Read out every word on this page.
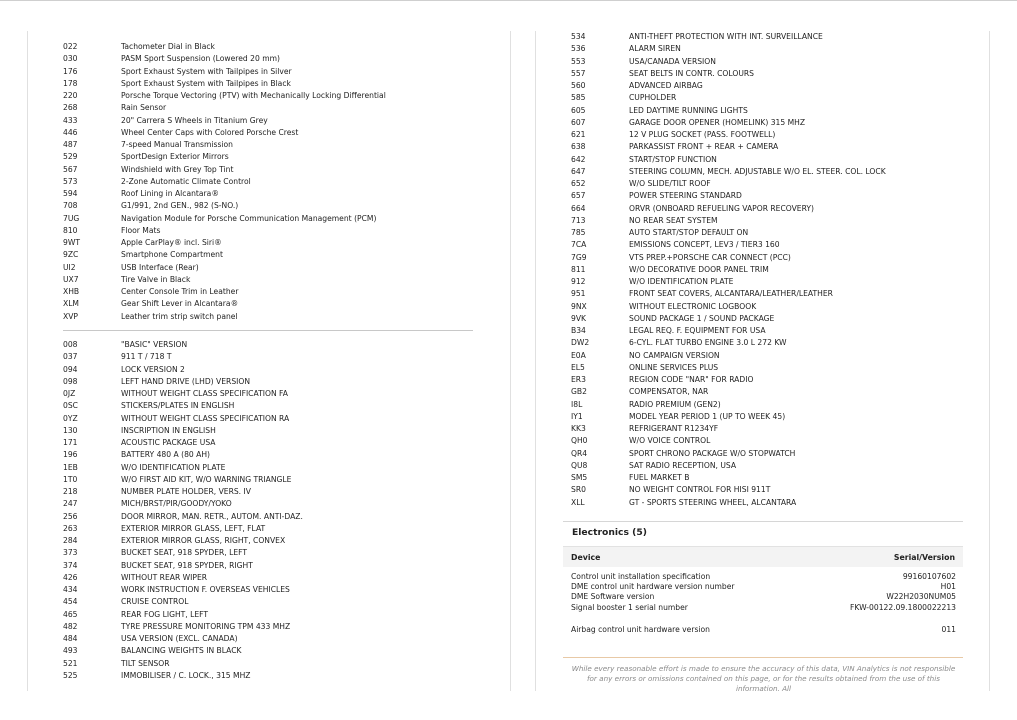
022	Tachometer Dial in Black
030	PASM Sport Suspension (Lowered 20 mm)
176	Sport Exhaust System with Tailpipes in Silver
178	Sport Exhaust System with Tailpipes in Black
220	Porsche Torque Vectoring (PTV) with Mechanically Locking Differential
268	Rain Sensor
433	20" Carrera S Wheels in Titanium Grey
446	Wheel Center Caps with Colored Porsche Crest
487	7-speed Manual Transmission
529	SportDesign Exterior Mirrors
567	Windshield with Grey Top Tint
573	2-Zone Automatic Climate Control
594	Roof Lining in Alcantara®
708	G1/991, 2nd GEN., 982 (S-NO.)
7UG	Navigation Module for Porsche Communication Management (PCM)
810	Floor Mats
9WT	Apple CarPlay® incl. Siri®
9ZC	Smartphone Compartment
UI2	USB Interface (Rear)
UX7	Tire Valve in Black
XHB	Center Console Trim in Leather
XLM	Gear Shift Lever in Alcantara®
XVP	Leather trim strip switch panel
008	"BASIC" VERSION
037	911 T / 718 T
094	LOCK VERSION 2
098	LEFT HAND DRIVE (LHD) VERSION
0JZ	WITHOUT WEIGHT CLASS SPECIFICATION FA
0SC	STICKERS/PLATES IN ENGLISH
0YZ	WITHOUT WEIGHT CLASS SPECIFICATION RA
130	INSCRIPTION IN ENGLISH
171	ACOUSTIC PACKAGE USA
196	BATTERY 480 A (80 AH)
1EB	W/O IDENTIFICATION PLATE
1T0	W/O FIRST AID KIT, W/O WARNING TRIANGLE
218	NUMBER PLATE HOLDER, VERS. IV
247	MICH/BRST/PIR/GOODY/YOKO
256	DOOR MIRROR, MAN. RETR., AUTOM. ANTI-DAZ.
263	EXTERIOR MIRROR GLASS, LEFT, FLAT
284	EXTERIOR MIRROR GLASS, RIGHT, CONVEX
373	BUCKET SEAT, 918 SPYDER, LEFT
374	BUCKET SEAT, 918 SPYDER, RIGHT
426	WITHOUT REAR WIPER
434	WORK INSTRUCTION F. OVERSEAS VEHICLES
454	CRUISE CONTROL
465	REAR FOG LIGHT, LEFT
482	TYRE PRESSURE MONITORING TPM 433 MHZ
484	USA VERSION (EXCL. CANADA)
493	BALANCING WEIGHTS IN BLACK
521	TILT SENSOR
525	IMMOBILISER / C. LOCK., 315 MHZ
534	ANTI-THEFT PROTECTION WITH INT. SURVEILLANCE
536	ALARM SIREN
553	USA/CANADA VERSION
557	SEAT BELTS IN CONTR. COLOURS
560	ADVANCED AIRBAG
585	CUPHOLDER
605	LED DAYTIME RUNNING LIGHTS
607	GARAGE DOOR OPENER (HOMELINK) 315 MHZ
621	12 V PLUG SOCKET (PASS. FOOTWELL)
638	PARKASSIST FRONT + REAR + CAMERA
642	START/STOP FUNCTION
647	STEERING COLUMN, MECH. ADJUSTABLE W/O EL. STEER. COL. LOCK
652	W/O SLIDE/TILT ROOF
657	POWER STEERING STANDARD
664	ORVR (ONBOARD REFUELING VAPOR RECOVERY)
713	NO REAR SEAT SYSTEM
785	AUTO START/STOP DEFAULT ON
7CA	EMISSIONS CONCEPT, LEV3 / TIER3 160
7G9	VTS PREP.+PORSCHE CAR CONNECT (PCC)
811	W/O DECORATIVE DOOR PANEL TRIM
912	W/O IDENTIFICATION PLATE
951	FRONT SEAT COVERS, ALCANTARA/LEATHER/LEATHER
9NX	WITHOUT ELECTRONIC LOGBOOK
9VK	SOUND PACKAGE 1 / SOUND PACKAGE
B34	LEGAL REQ. F. EQUIPMENT FOR USA
DW2	6-CYL. FLAT TURBO ENGINE 3.0 L 272 KW
E0A	NO CAMPAIGN VERSION
EL5	ONLINE SERVICES PLUS
ER3	REGION CODE "NAR" FOR RADIO
GB2	COMPENSATOR, NAR
I8L	RADIO PREMIUM (GEN2)
IY1	MODEL YEAR PERIOD 1 (UP TO WEEK 45)
KK3	REFRIGERANT R1234YF
QH0	W/O VOICE CONTROL
QR4	SPORT CHRONO PACKAGE W/O STOPWATCH
QU8	SAT RADIO RECEPTION, USA
SM5	FUEL MARKET B
SR0	NO WEIGHT CONTROL FOR HISI 911T
XLL	GT - SPORTS STEERING WHEEL, ALCANTARA
Electronics (5)
Device	Serial/Version
Control unit installation specification	99160107602
DME control unit hardware version number	H01
DME Software version	W22H2030NUM05
Signal booster 1 serial number	FKW-00122.09.1800022213
Airbag control unit hardware version	011
While every reasonable effort is made to ensure the accuracy of this data, VIN Analytics is not responsible for any errors or omissions contained on this page, or for the results obtained from the use of this information. All
